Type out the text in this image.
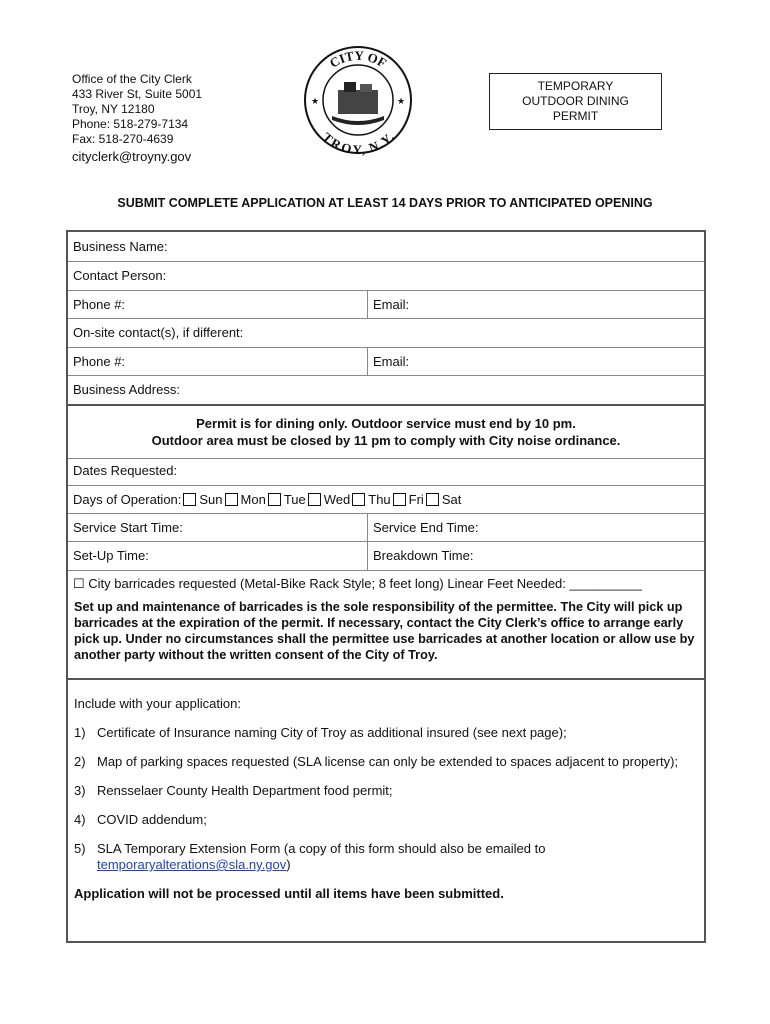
Office of the City Clerk
433 River St, Suite 5001
Troy, NY 12180
Phone: 518-279-7134
Fax: 518-270-4639
cityclerk@troyny.gov
CITY OF
TROY, N.Y.
★	★
TEMPORARY
OUTDOOR DINING
PERMIT
SUBMIT COMPLETE APPLICATION AT LEAST 14 DAYS PRIOR TO ANTICIPATED OPENING
Business Name:
Contact Person:
Phone #:	Email:
On-site contact(s), if different:
Phone #:	Email:
Business Address:
Permit is for dining only. Outdoor service must end by 10 pm.
Outdoor area must be closed by 11 pm to comply with City noise ordinance.
Dates Requested:
Days of Operation: Sun Mon Tue Wed Thu Fri Sat
Service Start Time:	Service End Time:
Set-Up Time:	Breakdown Time:
☐ City barricades requested (Metal-Bike Rack Style; 8 feet long) Linear Feet Needed: __________
Set up and maintenance of barricades is the sole responsibility of the permittee. The City will pick up barricades at the expiration of the permit. If necessary, contact the City Clerk’s office to arrange early pick up. Under no circumstances shall the permittee use barricades at another location or allow use by another party without the written consent of the City of Troy.

Include with your application:

1) Certificate of Insurance naming City of Troy as additional insured (see next page);
2) Map of parking spaces requested (SLA license can only be extended to spaces adjacent to property);
3) Rensselaer County Health Department food permit;
4) COVID addendum;
5) SLA Temporary Extension Form (a copy of this form should also be emailed to
temporaryalterations@sla.ny.gov)
Application will not be processed until all items have been submitted.
